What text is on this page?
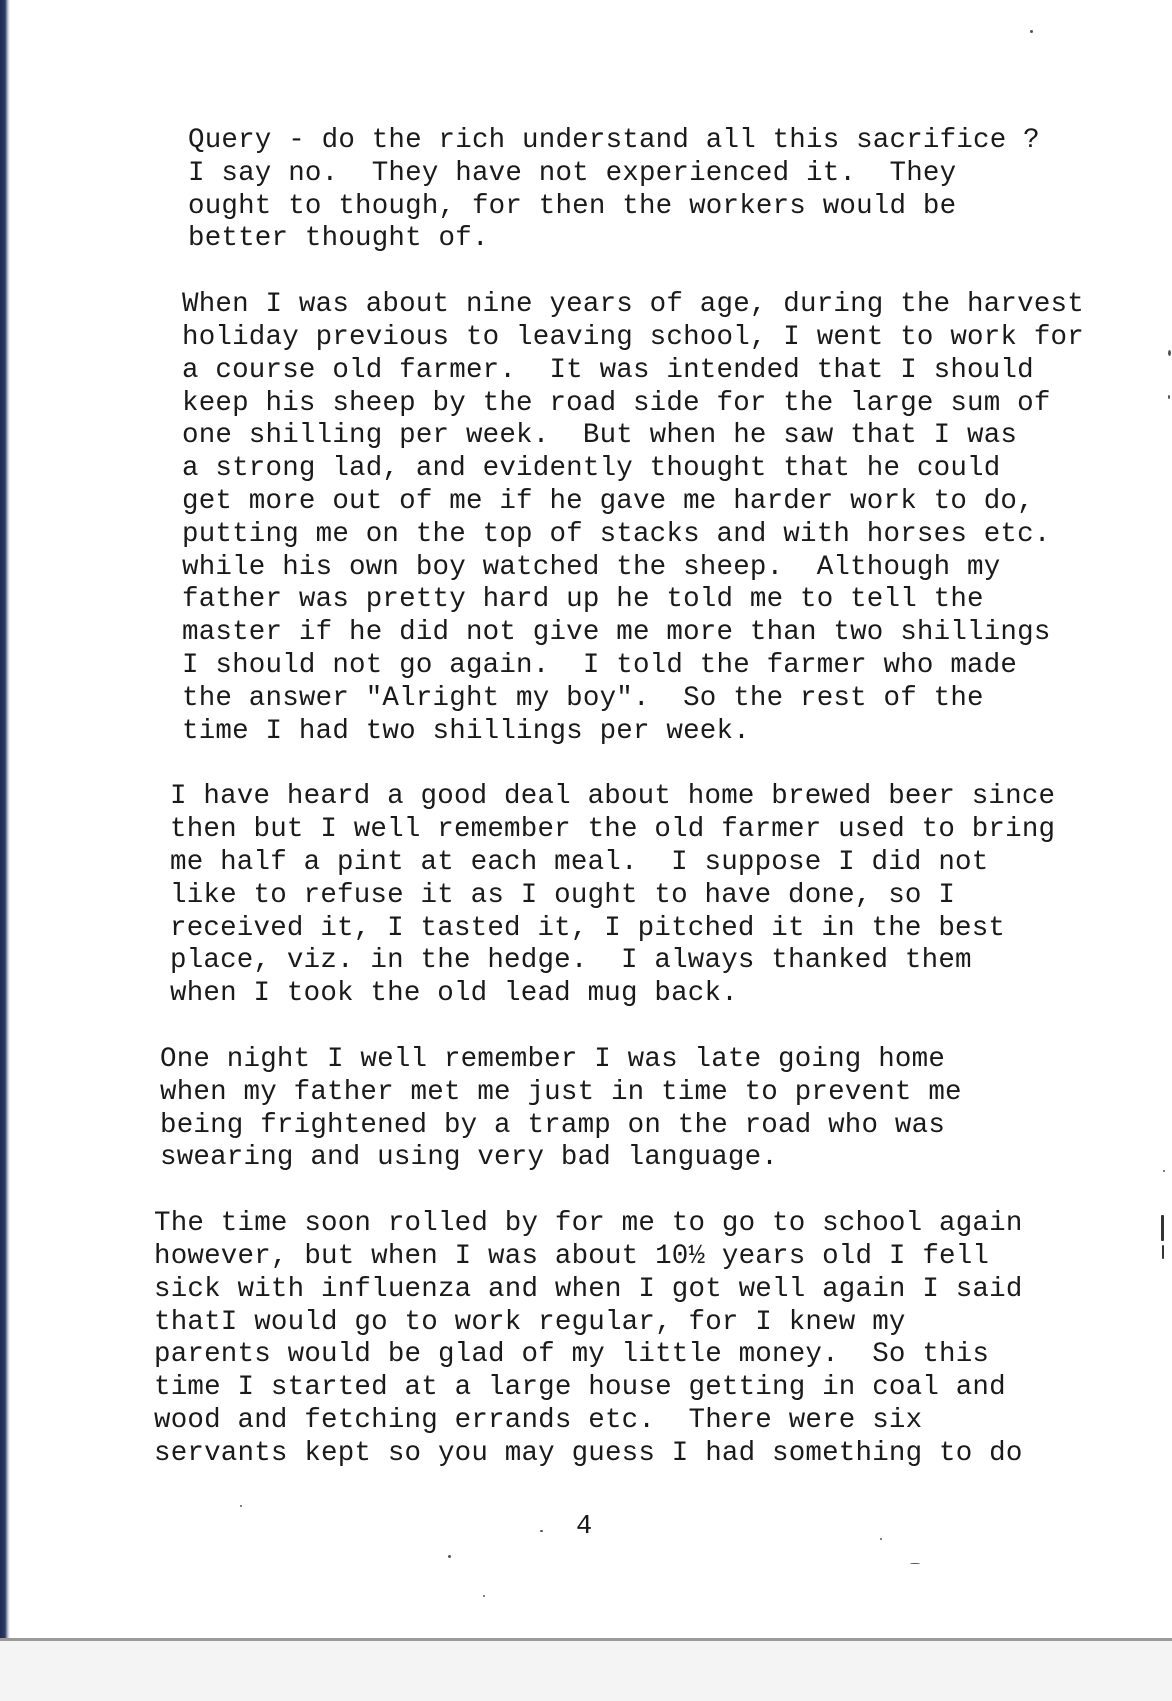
Query - do the rich understand all this sacrifice ?
I say no.  They have not experienced it.  They
ought to though, for then the workers would be
better thought of.
When I was about nine years of age, during the harvest
holiday previous to leaving school, I went to work for
a course old farmer.  It was intended that I should
keep his sheep by the road side for the large sum of
one shilling per week.  But when he saw that I was
a strong lad, and evidently thought that he could
get more out of me if he gave me harder work to do,
putting me on the top of stacks and with horses etc.
while his own boy watched the sheep.  Although my
father was pretty hard up he told me to tell the
master if he did not give me more than two shillings
I should not go again.  I told the farmer who made
the answer "Alright my boy".  So the rest of the
time I had two shillings per week.
I have heard a good deal about home brewed beer since
then but I well remember the old farmer used to bring
me half a pint at each meal.  I suppose I did not
like to refuse it as I ought to have done, so I
received it, I tasted it, I pitched it in the best
place, viz. in the hedge.  I always thanked them
when I took the old lead mug back.
One night I well remember I was late going home
when my father met me just in time to prevent me
being frightened by a tramp on the road who was
swearing and using very bad language.
The time soon rolled by for me to go to school again
however, but when I was about 10½ years old I fell
sick with influenza and when I got well again I said
thatI would go to work regular, for I knew my
parents would be glad of my little money.  So this
time I started at a large house getting in coal and
wood and fetching errands etc.  There were six
servants kept so you may guess I had something to do
4
